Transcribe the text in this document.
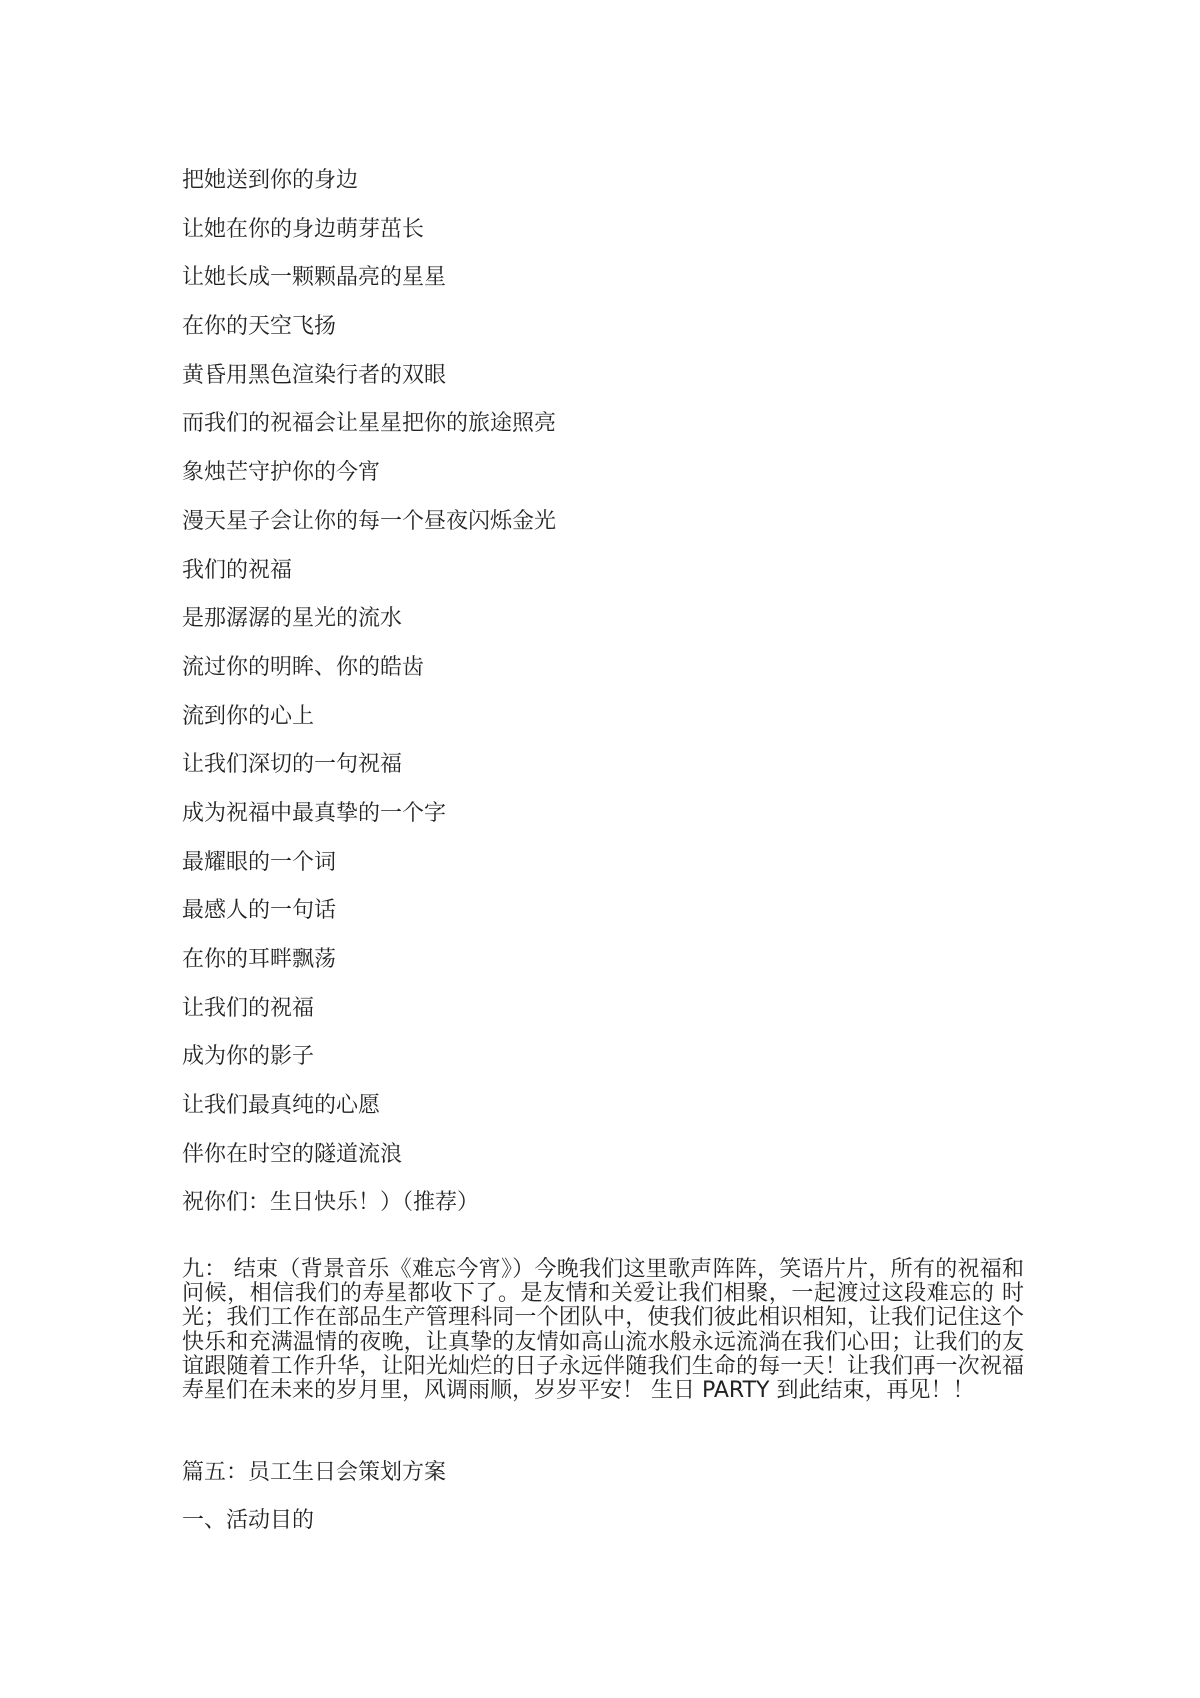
把她送到你的身边
让她在你的身边萌芽茁长
让她长成一颗颗晶亮的星星
在你的天空飞扬
黄昏用黑色渲染行者的双眼
而我们的祝福会让星星把你的旅途照亮
象烛芒守护你的今宵
漫天星子会让你的每一个昼夜闪烁金光
我们的祝福
是那潺潺的星光的流水
流过你的明眸、你的皓齿
流到你的心上
让我们深切的一句祝福
成为祝福中最真挚的一个字
最耀眼的一个词
最感人的一句话
在你的耳畔飘荡
让我们的祝福
成为你的影子
让我们最真纯的心愿
伴你在时空的隧道流浪
祝你们：生日快乐！）（推荐）

九： 结束（背景音乐《难忘今宵》）今晚我们这里歌声阵阵，笑语片片，所有的祝福和问候，相信我们的寿星都收下了。是友情和关爱让我们相聚，一起渡过这段难忘的 时光；我们工作在部品生产管理科同一个团队中，使我们彼此相识相知，让我们记住这个快乐和充满温情的夜晚，让真挚的友情如高山流水般永远流淌在我们心田；让我们的友谊跟随着工作升华，让阳光灿烂的日子永远伴随我们生命的每一天！让我们再一次祝福寿星们在未来的岁月里，风调雨顺，岁岁平安！ 生日 PARTY 到此结束，再见！！

篇五：员工生日会策划方案
一、活动目的
